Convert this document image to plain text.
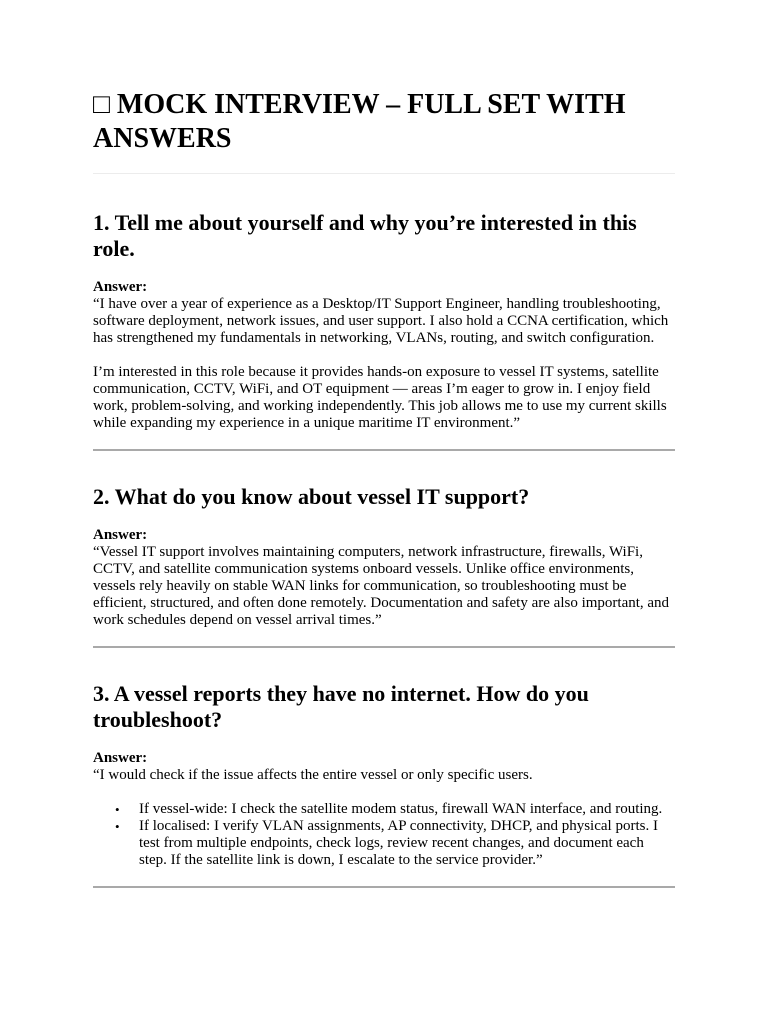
□ MOCK INTERVIEW – FULL SET WITH ANSWERS
1. Tell me about yourself and why you’re interested in this role.

Answer:

“I have over a year of experience as a Desktop/IT Support Engineer, handling troubleshooting, software deployment, network issues, and user support. I also hold a CCNA certification, which has strengthened my fundamentals in networking, VLANs, routing, and switch configuration.

I’m interested in this role because it provides hands-on exposure to vessel IT systems, satellite communication, CCTV, WiFi, and OT equipment — areas I’m eager to grow in. I enjoy field work, problem-solving, and working independently. This job allows me to use my current skills while expanding my experience in a unique maritime IT environment.”

2. What do you know about vessel IT support?

Answer:

“Vessel IT support involves maintaining computers, network infrastructure, firewalls, WiFi, CCTV, and satellite communication systems onboard vessels. Unlike office environments, vessels rely heavily on stable WAN links for communication, so troubleshooting must be efficient, structured, and often done remotely. Documentation and safety are also important, and work schedules depend on vessel arrival times.”

3. A vessel reports they have no internet. How do you troubleshoot?

Answer:

“I would check if the issue affects the entire vessel or only specific users.

• If vessel-wide: I check the satellite modem status, firewall WAN interface, and routing.
• If localised: I verify VLAN assignments, AP connectivity, DHCP, and physical ports. I test from multiple endpoints, check logs, review recent changes, and document each step. If the satellite link is down, I escalate to the service provider.”
